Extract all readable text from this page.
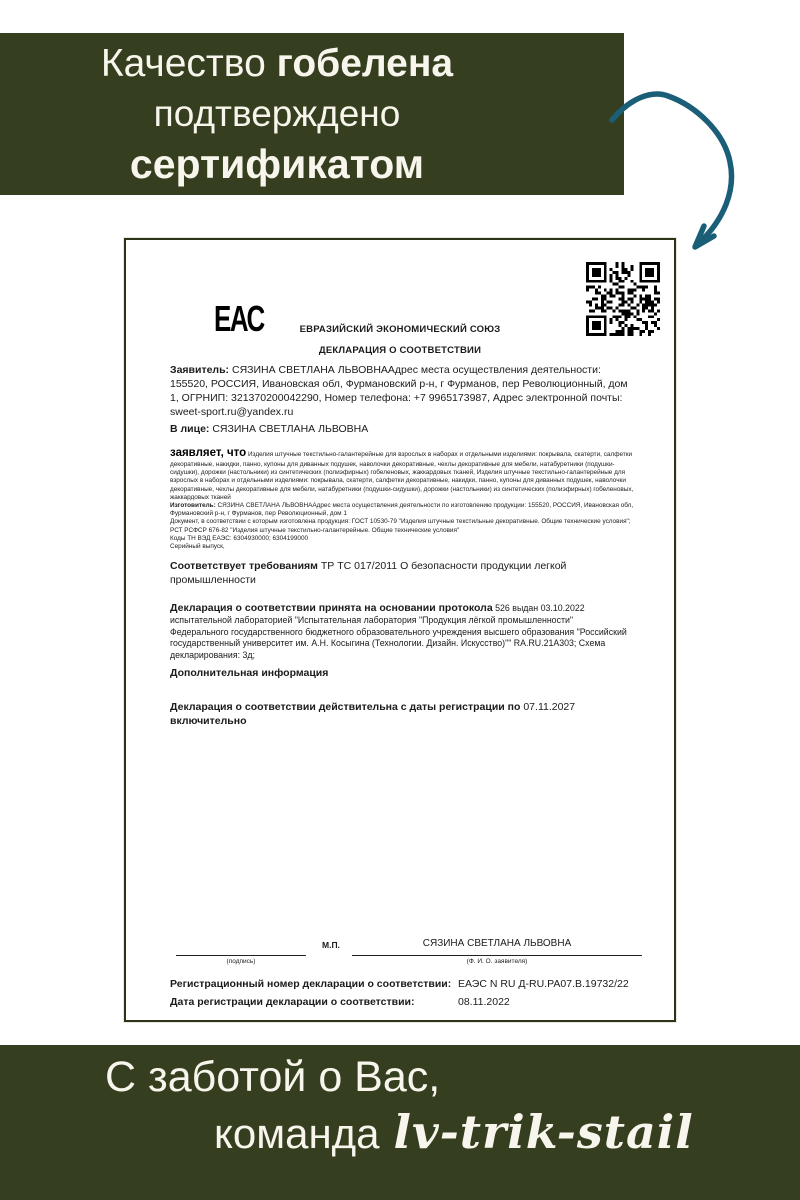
Качество гобелена
подтверждено
сертификатом
ЕАС	ЕВРАЗИЙСКИЙ ЭКОНОМИЧЕСКИЙ СОЮЗ
ДЕКЛАРАЦИЯ О СООТВЕТСТВИИ
Заявитель: СЯЗИНА СВЕТЛАНА ЛЬВОВНААдрес места осуществления деятельности: 155520, РОССИЯ, Ивановская обл, Фурмановский р-н, г Фурманов, пер Революционный, дом 1, ОГРНИП: 321370200042290, Номер телефона: +7 9965173987, Адрес электронной почты: sweet-sport.ru@yandex.ru
В лице: СЯЗИНА СВЕТЛАНА ЛЬВОВНА
заявляет, что Изделия штучные текстильно-галантерейные для взрослых в наборах и отдельными изделиями: покрывала, скатерти, салфетки декоративные, накидки, панно, купоны для диванных подушек, наволочки декоративные, чехлы декоративные для мебели, натабуретники (подушки-сидушки), дорожки (настольники) из синтетических (полиэфирных) гобеленовых, жаккардовых тканей, Изделия штучные текстильно-галантерейные для взрослых в наборах и отдельными изделиями: покрывала, скатерти, салфетки декоративные, накидки, панно, купоны для диванных подушек, наволочки декоративные, чехлы декоративные для мебели, натабуретники (подушки-сидушки), дорожки (настольники) из синтетических (полиэфирных) гобеленовых, жаккардовых тканей
Изготовитель: СЯЗИНА СВЕТЛАНА ЛЬВОВНААдрес места осуществления деятельности по изготовлению продукции: 155520, РОССИЯ, Ивановская обл, Фурмановский р-н, г Фурманов, пер Революционный, дом 1
Документ, в соответствии с которым изготовлена продукция: ГОСТ 10530-79 "Изделия штучные текстильные декоративные. Общие технические условия"; РСТ РСФСР 676-82 "Изделия штучные текстильно-галантерейные. Общие технические условия"
Коды ТН ВЭД ЕАЭС: 6304930000; 6304199000
Серийный выпуск,
Соответствует требованиям ТР ТС 017/2011 О безопасности продукции легкой промышленности
Декларация о соответствии принята на основании протокола 526 выдан 03.10.2022 испытательной лабораторией "Испытательная лаборатория "Продукция лёгкой промышленности" Федерального государственного бюджетного образовательного учреждения высшего образования "Российский государственный университет им. А.Н. Косыгина (Технологии. Дизайн. Искусство)"" RA.RU.21А303; Схема декларирования: 3д;
Дополнительная информация
Декларация о соответствии действительна с даты регистрации по 07.11.2027
включительно
М.П.
(подпись)
СЯЗИНА СВЕТЛАНА ЛЬВОВНА
(Ф. И. О. заявителя)
Регистрационный номер декларации о соответствии: ЕАЭС N RU Д-RU.РА07.В.19732/22
Дата регистрации декларации о соответствии:	08.11.2022
С заботой о Вас,
команда lv-trik-stail
